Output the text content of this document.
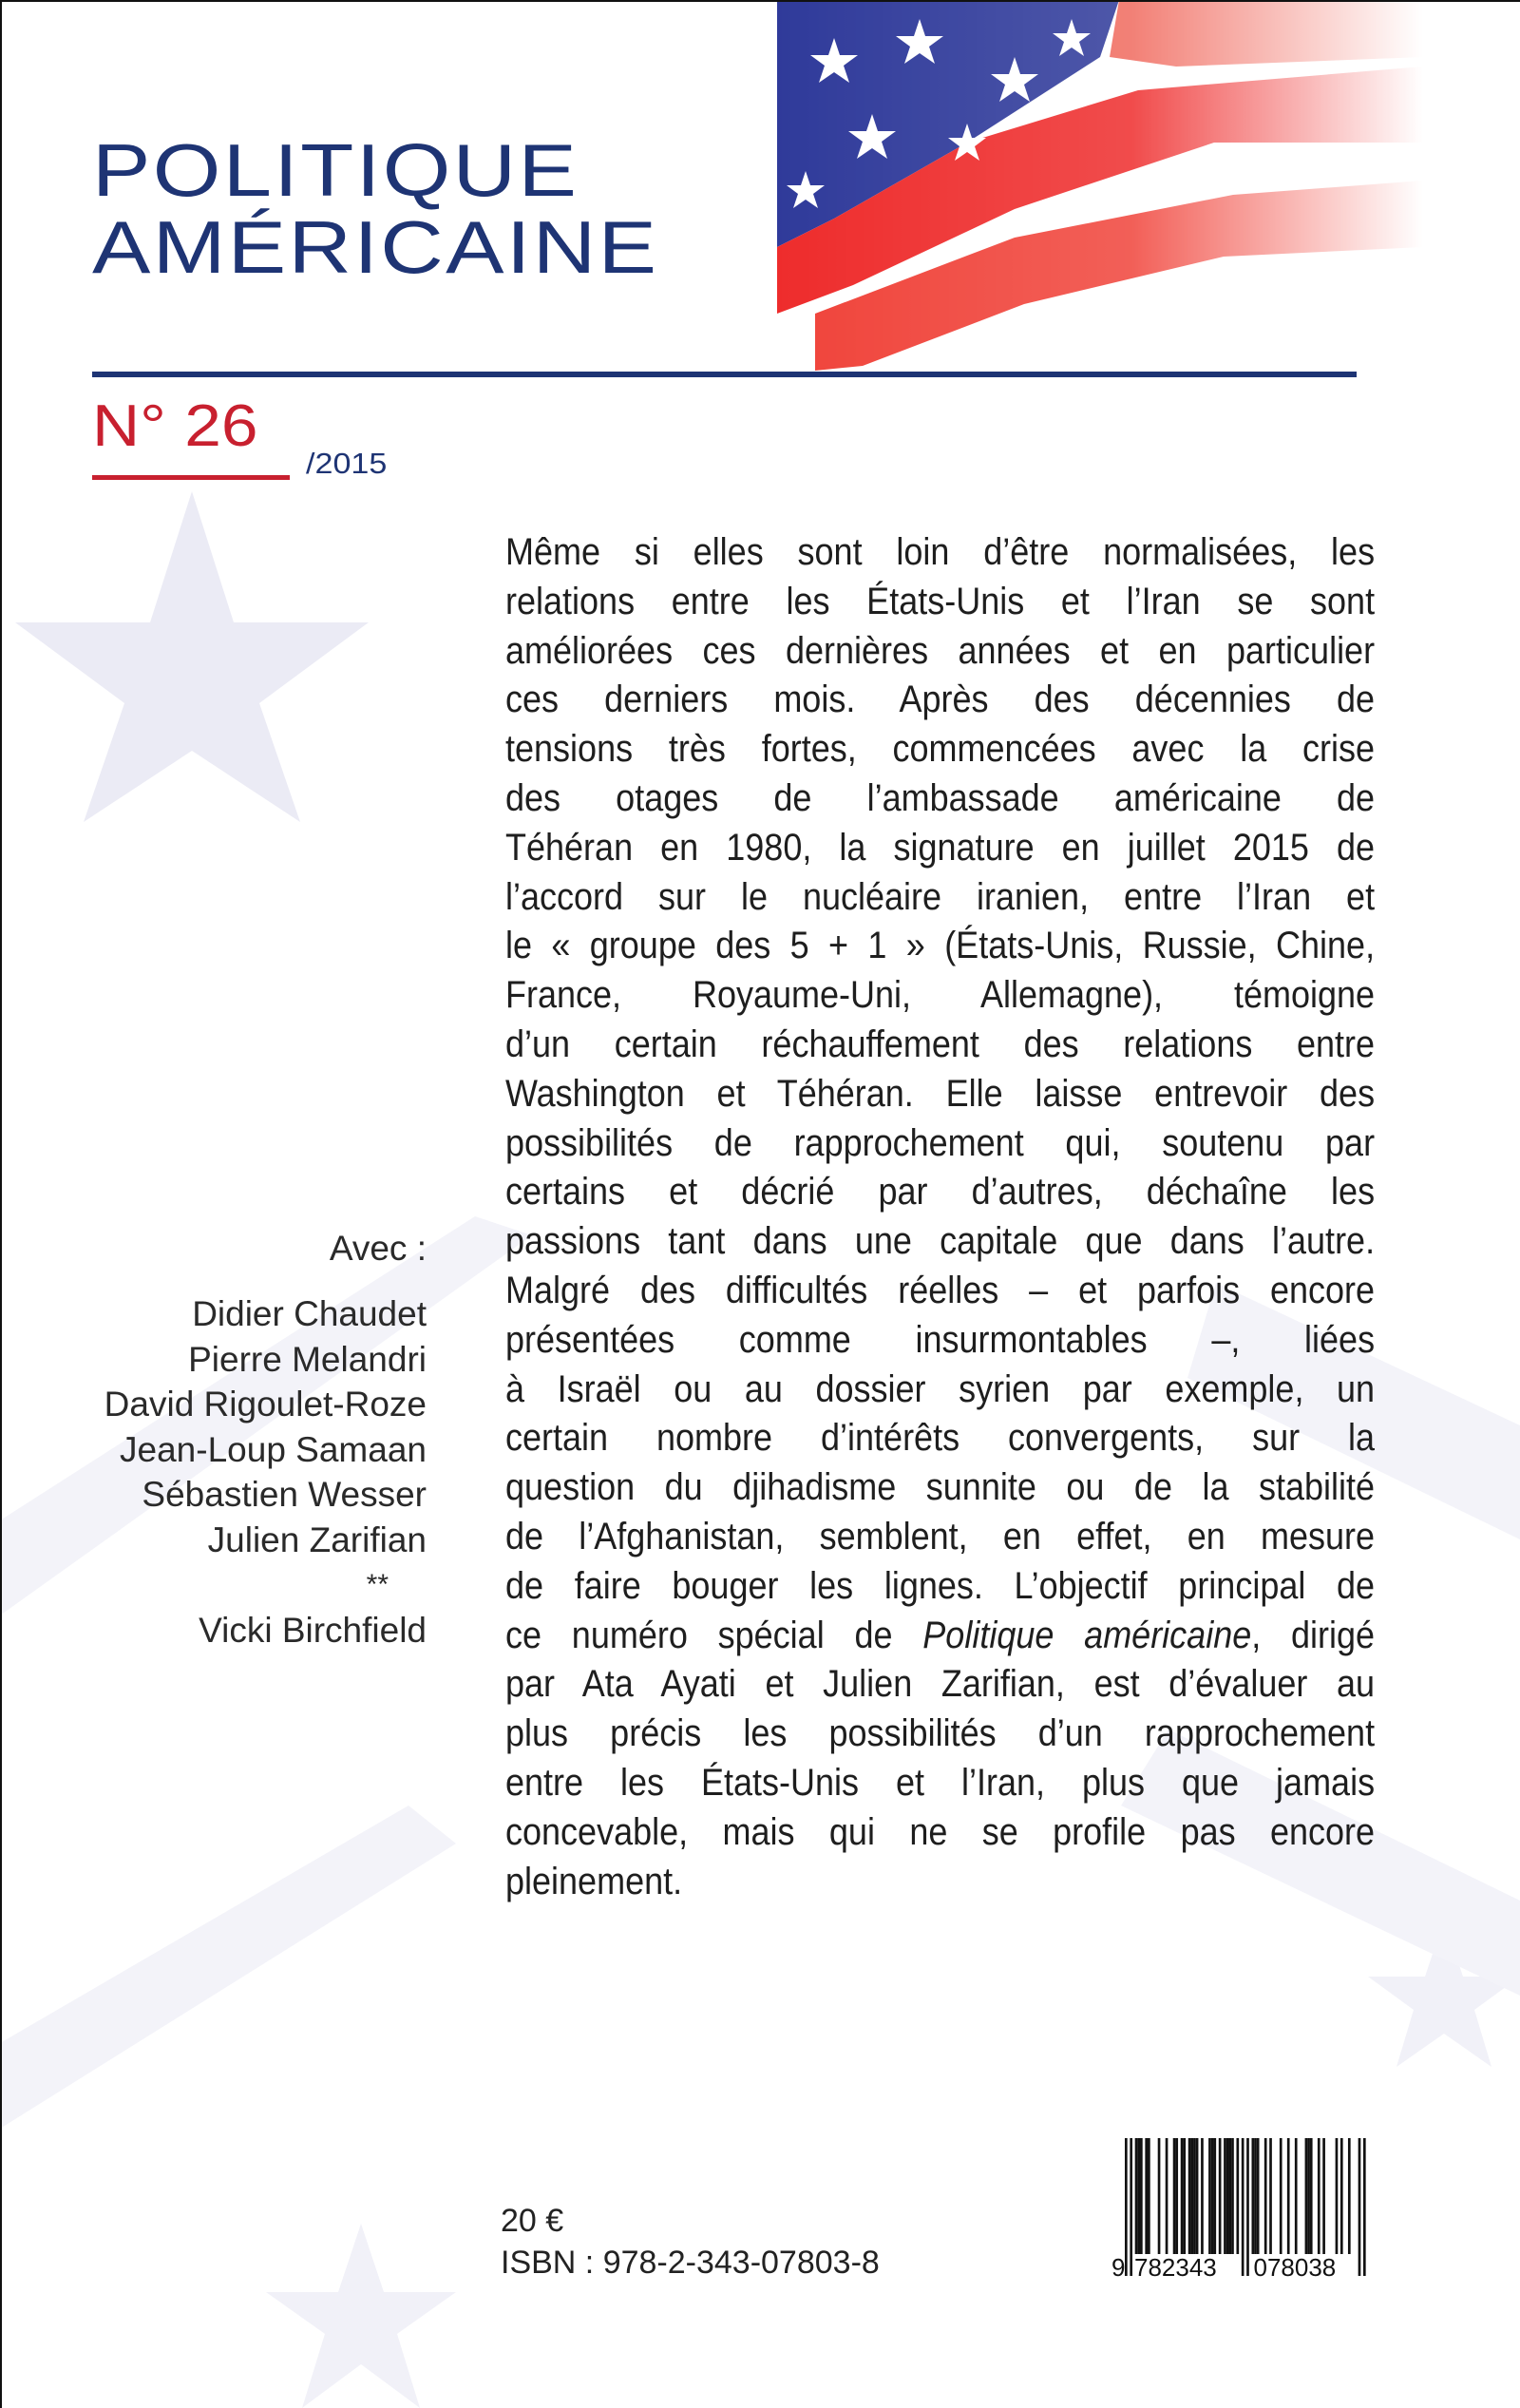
POLITIQUE
AMÉRICAINE
N° 26
/2015
Même si elles sont loin d’être normalisées, les
relations entre les États-Unis et l’Iran se sont
améliorées ces dernières années et en particulier
ces derniers mois. Après des décennies de
tensions très fortes, commencées avec la crise
des otages de l’ambassade américaine de
Téhéran en 1980, la signature en juillet 2015 de
l’accord sur le nucléaire iranien, entre l’Iran et
le « groupe des 5 + 1 » (États-Unis, Russie, Chine,
France, Royaume-Uni, Allemagne), témoigne
d’un certain réchauffement des relations entre
Washington et Téhéran. Elle laisse entrevoir des
possibilités de rapprochement qui, soutenu par
certains et décrié par d’autres, déchaîne les
passions tant dans une capitale que dans l’autre.
Malgré des difficultés réelles – et parfois encore
présentées comme insurmontables –, liées
à Israël ou au dossier syrien par exemple, un
certain nombre d’intérêts convergents, sur la
question du djihadisme sunnite ou de la stabilité
de l’Afghanistan, semblent, en effet, en mesure
de faire bouger les lignes. L’objectif principal de
ce numéro spécial de Politique américaine, dirigé
par Ata Ayati et Julien Zarifian, est d’évaluer au
plus précis les possibilités d’un rapprochement
entre les États-Unis et l’Iran, plus que jamais
concevable, mais qui ne se profile pas encore
pleinement.
Avec :
Didier Chaudet
Pierre Melandri
David Rigoulet-Roze
Jean-Loup Samaan
Sébastien Wesser
Julien Zarifian
**
Vicki Birchfield
20 €
ISBN : 978-2-343-07803-8	9 782343 078038
